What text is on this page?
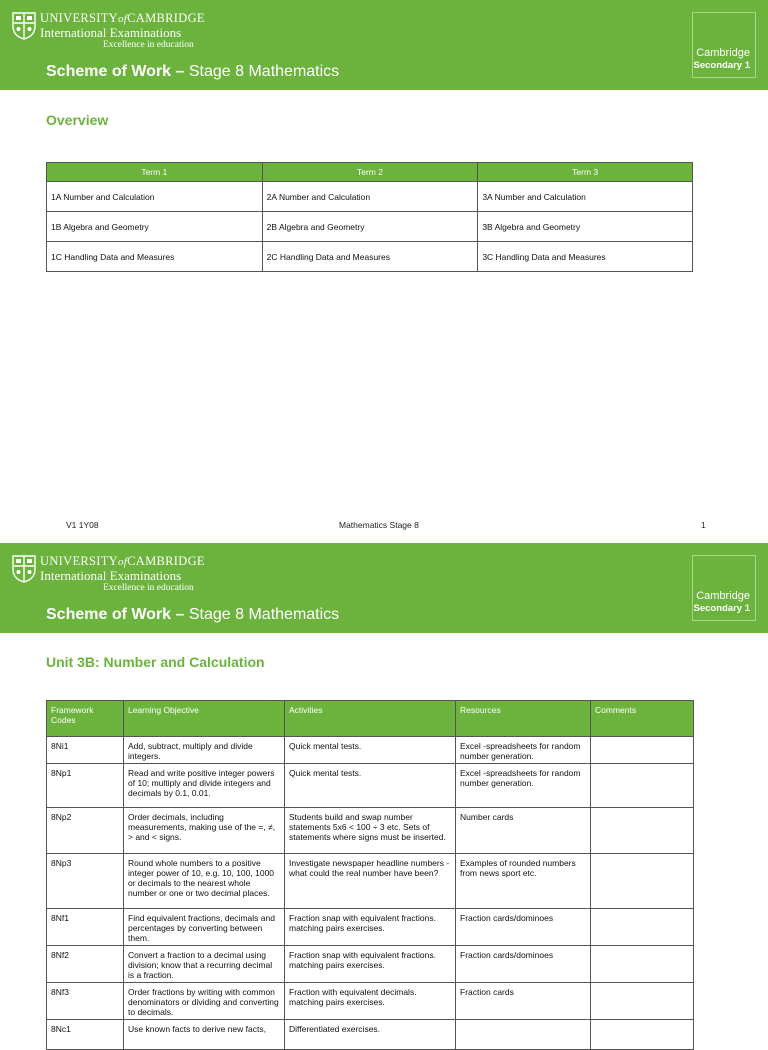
UNIVERSITYofCAMBRIDGE
International Examinations
Excellence in education
Scheme of Work – Stage 8 Mathematics
Cambridge
Secondary 1
Overview
Term 1	Term 2	Term 3
1A Number and Calculation	2A Number and Calculation	3A Number and Calculation
1B Algebra and Geometry	2B Algebra and Geometry	3B Algebra and Geometry
1C Handling Data and Measures	2C Handling Data and Measures	3C Handling Data and Measures
V1 1Y08	Mathematics Stage 8	1
UNIVERSITYofCAMBRIDGE
International Examinations
Excellence in education
Scheme of Work – Stage 8 Mathematics
Cambridge
Secondary 1
Unit 3B: Number and Calculation
Framework Codes	Learning Objective	Activities	Resources	Comments
8Ni1	Add, subtract, multiply and divide integers.	Quick mental tests.	Excel -spreadsheets for random number generation.	
8Np1	Read and write positive integer powers of 10; multiply and divide integers and decimals by 0.1, 0.01.	Quick mental tests.	Excel -spreadsheets for random number generation.	
8Np2	Order decimals, including measurements, making use of the =, ≠, > and < signs.	Students build and swap number statements 5x6 < 100 ÷ 3 etc. Sets of statements where signs must be inserted.	Number cards	
8Np3	Round whole numbers to a positive integer power of 10, e.g. 10, 100, 1000 or decimals to the nearest whole number or one or two decimal places.	Investigate newspaper headline numbers - what could the real number have been?	Examples of rounded numbers from news sport etc.	
8Nf1	Find equivalent fractions, decimals and percentages by converting between them.	Fraction snap with equivalent fractions. matching pairs exercises.	Fraction cards/dominoes	
8Nf2	Convert a fraction to a decimal using division; know that a recurring decimal is a fraction.	Fraction snap with equivalent fractions. matching pairs exercises.	Fraction cards/dominoes	
8Nf3	Order fractions by writing with common denominators or dividing and converting to decimals.	Fraction with equivalent decimals. matching pairs exercises.	Fraction cards	
8Nc1	Use known facts to derive new facts,	Differentiated exercises.		
